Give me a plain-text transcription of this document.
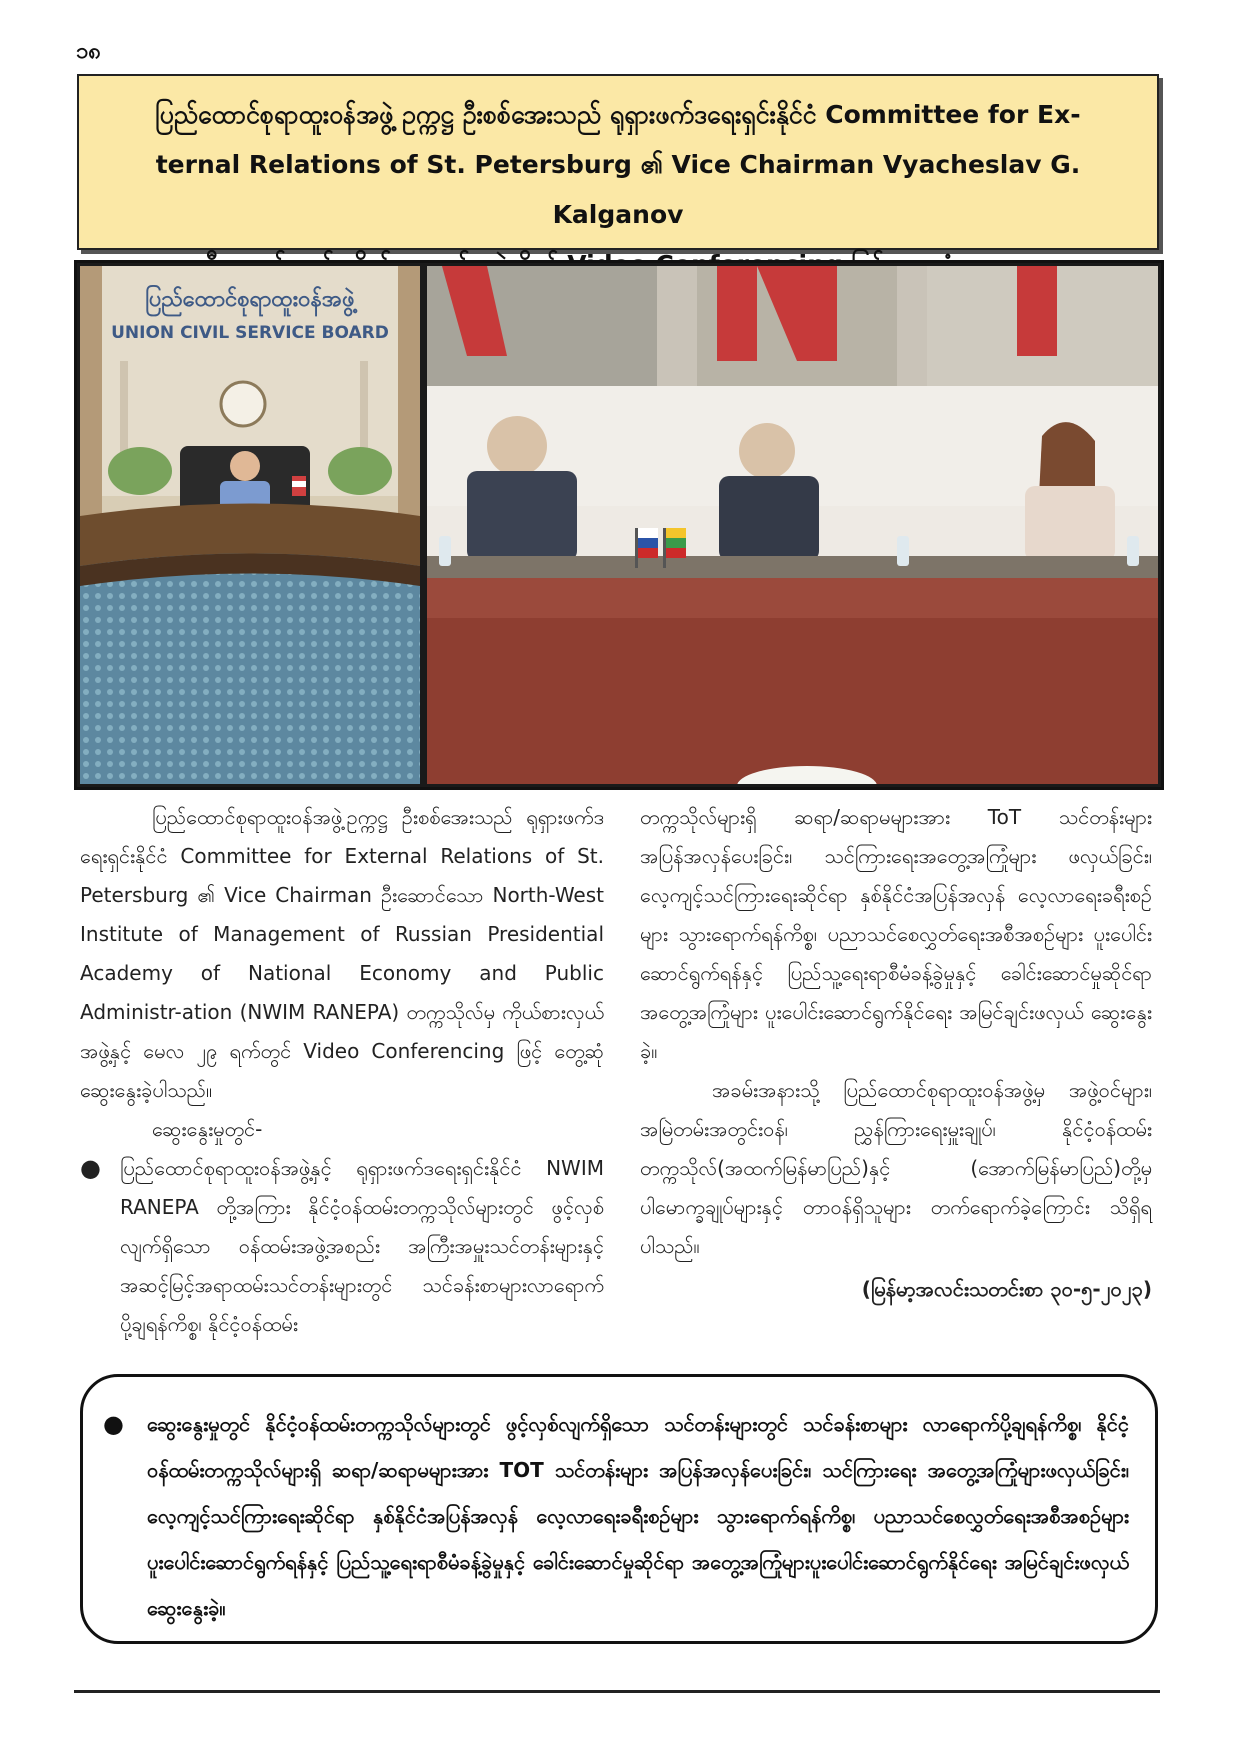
၁၈

ပြည်ထောင်စုရာထူးဝန်အဖွဲ့ ဥက္ကဋ္ဌ ဦးစစ်အေးသည် ရုရှားဖက်ဒရေးရှင်းနိုင်ငံ Committee for Ex-

ternal Relations of St. Petersburg ၏ Vice Chairman Vyacheslav G. Kalganov

ပြည်ထောင်စုရာထူးဝန်အဖွဲ့
UNION CIVIL SERVICE BOARD

ပြည်ထောင်စုရာထူးဝန်အဖွဲ့ဥက္ကဋ္ဌ ဦးစစ်အေးသည် ရုရှားဖက်ဒရေးရှင်းနိုင်ငံ Committee for External Relations of St. Petersburg ၏ Vice Chairman ဦးဆောင်သော North-West Institute of Management of Russian Presidential Academy of National Economy and Public Administr-ation (NWIM RANEPA) တက္ကသိုလ်မှ ကိုယ်စားလှယ်အဖွဲ့နှင့် မေလ ၂၉ ရက်တွင် Video Conferencing ဖြင့် တွေ့ဆုံဆွေးနွေးခဲ့ပါသည်။

ဆွေးနွေးမှုတွင်-

● ပြည်ထောင်စုရာထူးဝန်အဖွဲ့နှင့် ရုရှားဖက်ဒရေးရှင်းနိုင်ငံ NWIM RANEPA တို့အကြား နိုင်ငံ့ဝန်ထမ်းတက္ကသိုလ်များတွင် ဖွင့်လှစ်လျက်ရှိသော ဝန်ထမ်းအဖွဲ့အစည်း အကြီးအမှူးသင်တန်းများနှင့် အဆင့်မြင့်အရာထမ်းသင်တန်းများတွင် သင်ခန်းစာများလာရောက်ပို့ချရန်ကိစ္စ၊ နိုင်ငံ့ဝန်ထမ်း

တက္ကသိုလ်များရှိ ဆရာ/ဆရာမများအား ToT သင်တန်းများ အပြန်အလှန်ပေးခြင်း၊ သင်ကြားရေးအတွေ့အကြုံများ ဖလှယ်ခြင်း၊ လေ့ကျင့်သင်ကြားရေးဆိုင်ရာ နှစ်နိုင်ငံအပြန်အလှန် လေ့လာရေးခရီးစဉ်များ သွားရောက်ရန်ကိစ္စ၊ ပညာသင်စေလွှတ်ရေးအစီအစဉ်များ ပူးပေါင်းဆောင်ရွက်ရန်နှင့် ပြည်သူ့ရေးရာစီမံခန့်ခွဲမှုနှင့် ခေါင်းဆောင်မှုဆိုင်ရာ အတွေ့အကြုံများ ပူးပေါင်းဆောင်ရွက်နိုင်ရေး အမြင်ချင်းဖလှယ် ဆွေးနွေးခဲ့။

အခမ်းအနားသို့ ပြည်ထောင်စုရာထူးဝန်အဖွဲ့မှ အဖွဲ့ဝင်များ၊ အမြဲတမ်းအတွင်းဝန်၊ ညွှန်ကြားရေးမှူးချုပ်၊ နိုင်ငံ့ဝန်ထမ်းတက္ကသိုလ်(အထက်မြန်မာပြည်)နှင့် (အောက်မြန်မာပြည်)တို့မှ ပါမောက္ခချုပ်များနှင့် တာဝန်ရှိသူများ တက်ရောက်ခဲ့ကြောင်း သိရှိရပါသည်။

(မြန်မာ့အလင်းသတင်းစာ ၃၀-၅-၂၀၂၃)

●	ဆွေးနွေးမှုတွင် နိုင်ငံ့ဝန်ထမ်းတက္ကသိုလ်များတွင် ဖွင့်လှစ်လျက်ရှိသော သင်တန်းများတွင် သင်ခန်းစာများ လာရောက်ပို့ချရန်ကိစ္စ၊ နိုင်ငံ့ဝန်ထမ်းတက္ကသိုလ်များရှိ ဆရာ/ဆရာမများအား TOT သင်တန်းများ အပြန်အလှန်ပေးခြင်း၊ သင်ကြားရေး အတွေ့အကြုံများဖလှယ်ခြင်း၊ လေ့ကျင့်သင်ကြားရေးဆိုင်ရာ နှစ်နိုင်ငံအပြန်အလှန် လေ့လာရေးခရီးစဉ်များ သွားရောက်ရန်ကိစ္စ၊ ပညာသင်စေလွှတ်ရေးအစီအစဉ်များ ပူးပေါင်းဆောင်ရွက်ရန်နှင့် ပြည်သူ့ရေးရာစီမံခန့်ခွဲမှုနှင့် ခေါင်းဆောင်မှုဆိုင်ရာ အတွေ့အကြုံများပူးပေါင်းဆောင်ရွက်နိုင်ရေး အမြင်ချင်းဖလှယ် ဆွေးနွေးခဲ့။
